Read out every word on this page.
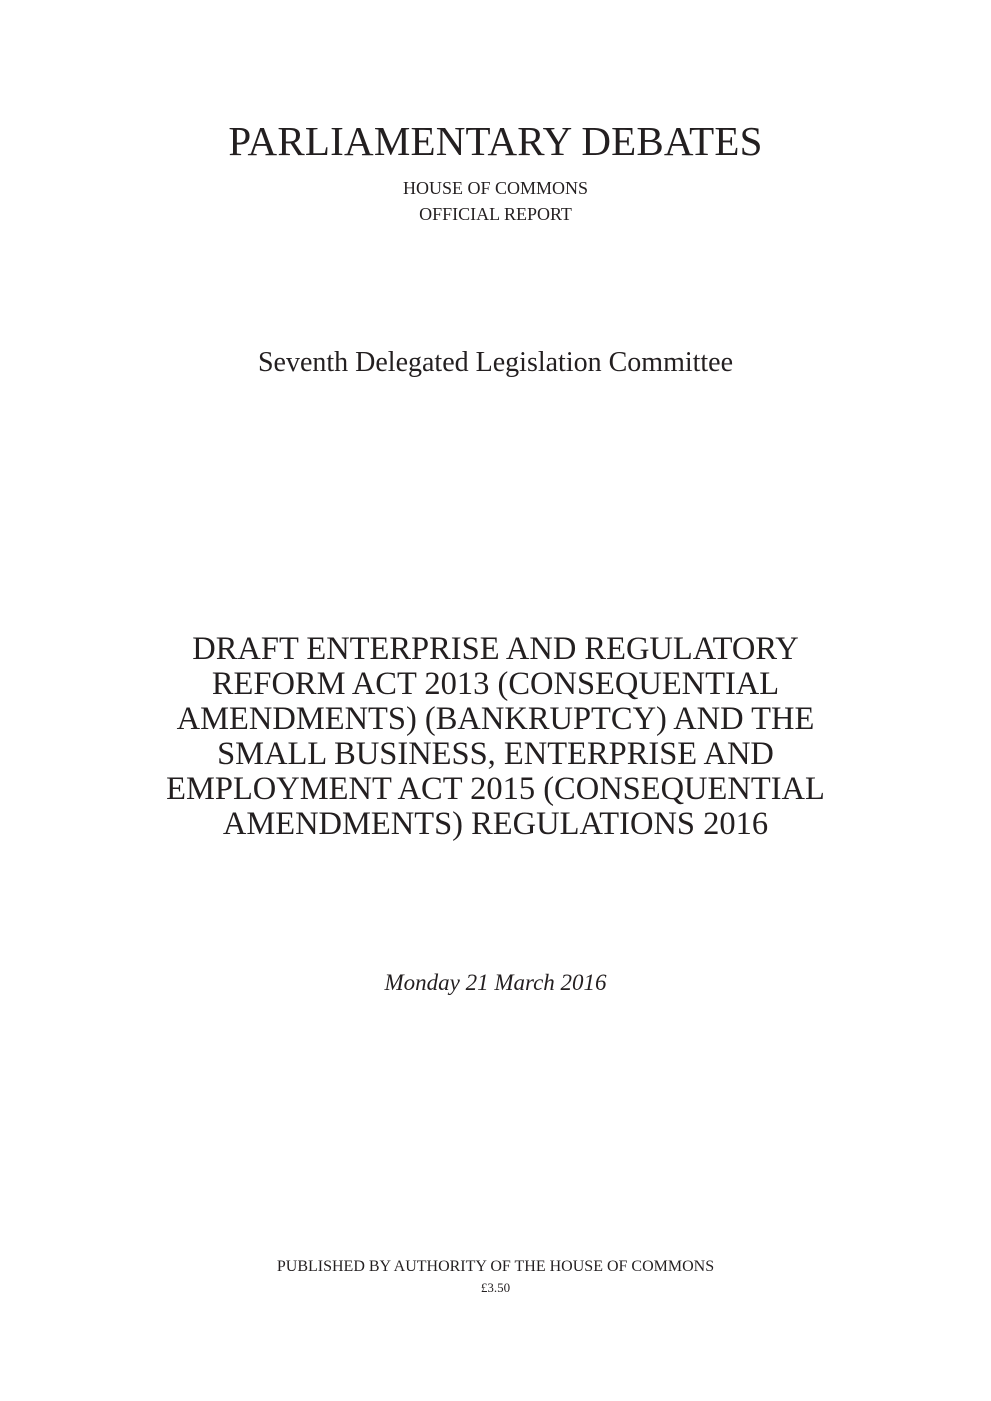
PARLIAMENTARY DEBATES
HOUSE OF COMMONS
OFFICIAL REPORT
Seventh Delegated Legislation Committee
DRAFT ENTERPRISE AND REGULATORY
REFORM ACT 2013 (CONSEQUENTIAL
AMENDMENTS) (BANKRUPTCY) AND THE
SMALL BUSINESS, ENTERPRISE AND
EMPLOYMENT ACT 2015 (CONSEQUENTIAL
AMENDMENTS) REGULATIONS 2016
Monday 21 March 2016
PUBLISHED BY AUTHORITY OF THE HOUSE OF COMMONS
£3.50
